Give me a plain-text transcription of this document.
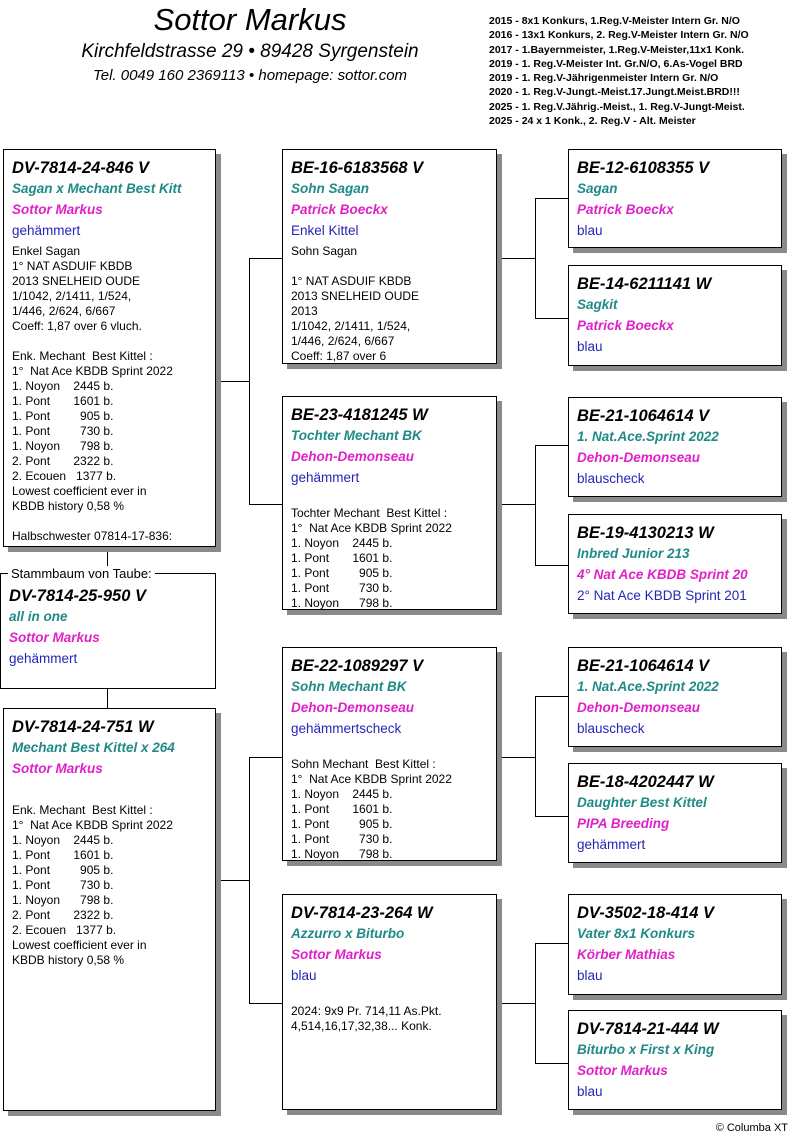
Sottor Markus
Kirchfeldstrasse 29 • 89428 Syrgenstein
Tel. 0049 160 2369113 • homepage: sottor.com
2015 - 8x1 Konkurs, 1.Reg.V-Meister Intern Gr. N/O
2016 - 13x1 Konkurs, 2. Reg.V-Meister Intern Gr. N/O
2017 - 1.Bayernmeister, 1.Reg.V-Meister,11x1 Konk.
2019 - 1. Reg.V-Meister Int. Gr.N/O, 6.As-Vogel BRD
2019 - 1. Reg.V-Jährigenmeister Intern Gr. N/O
2020 - 1. Reg.V-Jungt.-Meist.17.Jungt.Meist.BRD!!!
2025 - 1. Reg.V.Jährig.-Meist., 1. Reg.V-Jungt-Meist.
2025 - 24 x 1 Konk., 2. Reg.V - Alt. Meister
DV-7814-24-846 V
Sagan x Mechant Best Kitt
Sottor Markus
gehämmert
Enkel Sagan
1° NAT ASDUIF KBDB
2013 SNELHEID OUDE
1/1042, 2/1411, 1/524,
1/446, 2/624, 6/667
Coeff: 1,87 over 6 vluch.

Enk. Mechant  Best Kittel :
1°  Nat Ace KBDB Sprint 2022
1. Noyon    2445 b.
1. Pont       1601 b.
1. Pont         905 b.
1. Pont         730 b.
1. Noyon      798 b.
2. Pont       2322 b.
2. Ecouen   1377 b.
Lowest coefficient ever in
KBDB history 0,58 %

Halbschwester 07814-17-836:
DV-7814-25-950 V
all in one
Sottor Markus
gehämmert
Stammbaum von Taube:
DV-7814-24-751 W
Mechant Best Kittel x 264
Sottor Markus
Enk. Mechant  Best Kittel :
1°  Nat Ace KBDB Sprint 2022
1. Noyon    2445 b.
1. Pont       1601 b.
1. Pont         905 b.
1. Pont         730 b.
1. Noyon      798 b.
2. Pont       2322 b.
2. Ecouen   1377 b.
Lowest coefficient ever in
KBDB history 0,58 %
BE-16-6183568 V
Sohn Sagan
Patrick Boeckx
Enkel Kittel
Sohn Sagan

1° NAT ASDUIF KBDB
2013 SNELHEID OUDE
2013
1/1042, 2/1411, 1/524,
1/446, 2/624, 6/667
Coeff: 1,87 over 6
BE-23-4181245 W
Tochter Mechant BK
Dehon-Demonseau
gehämmert

Tochter Mechant  Best Kittel :
1°  Nat Ace KBDB Sprint 2022
1. Noyon    2445 b.
1. Pont       1601 b.
1. Pont         905 b.
1. Pont         730 b.
1. Noyon      798 b.
BE-22-1089297 V
Sohn Mechant BK
Dehon-Demonseau
gehämmertscheck

Sohn Mechant  Best Kittel :
1°  Nat Ace KBDB Sprint 2022
1. Noyon    2445 b.
1. Pont       1601 b.
1. Pont         905 b.
1. Pont         730 b.
1. Noyon      798 b.
DV-7814-23-264 W
Azzurro x Biturbo
Sottor Markus
blau

2024: 9x9 Pr. 714,11 As.Pkt.
4,514,16,17,32,38... Konk.
BE-12-6108355 V
Sagan
Patrick Boeckx
blau
BE-14-6211141 W
Sagkit
Patrick Boeckx
blau
BE-21-1064614 V
1. Nat.Ace.Sprint 2022
Dehon-Demonseau
blauscheck
BE-19-4130213 W
Inbred Junior 213
4° Nat Ace KBDB Sprint 20
2° Nat Ace KBDB Sprint 201
BE-21-1064614 V
1. Nat.Ace.Sprint 2022
Dehon-Demonseau
blauscheck
BE-18-4202447 W
Daughter Best Kittel
PIPA Breeding
gehämmert
DV-3502-18-414 V
Vater 8x1 Konkurs
Körber Mathias
blau
DV-7814-21-444 W
Biturbo x First x King
Sottor Markus
blau
© Columba XT
